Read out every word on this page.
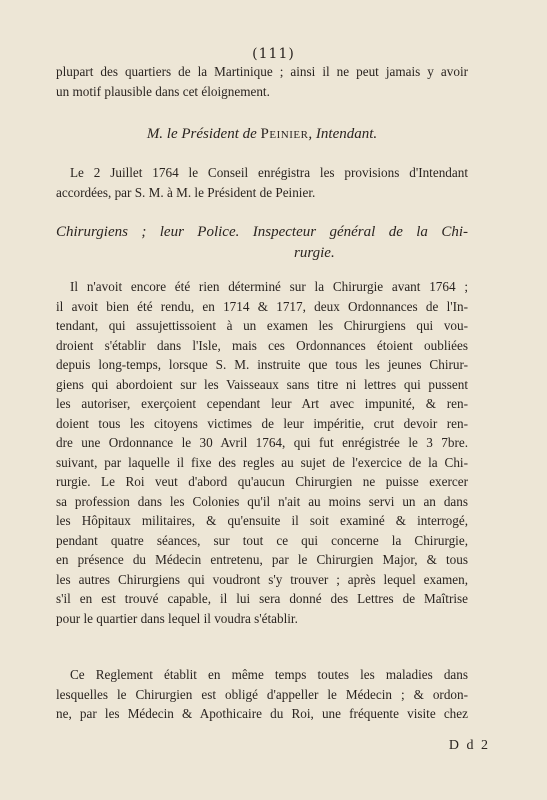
(111)
plupart des quartiers de la Martinique ; ainsi il ne peut jamais y avoir
un motif plausible dans cet éloignement.
M. le Président de Peinier, Intendant.
Le 2 Juillet 1764 le Conseil enrégistra les provisions d'Intendant
accordées, par S. M. à M. le Président de Peinier.
Chirurgiens ; leur Police. Inspecteur général de la Chi-
rurgie.
Il n'avoit encore été rien déterminé sur la Chirurgie avant 1764 ;
il avoit bien été rendu, en 1714 & 1717, deux Ordonnances de l'In-
tendant, qui assujettissoient à un examen les Chirurgiens qui vou-
droient s'établir dans l'Isle, mais ces Ordonnances étoient oubliées
depuis long-temps, lorsque S. M. instruite que tous les jeunes Chirur-
giens qui abordoient sur les Vaisseaux sans titre ni lettres qui pussent
les autoriser, exerçoient cependant leur Art avec impunité, & ren-
doient tous les citoyens victimes de leur impéritie, crut devoir ren-
dre une Ordonnance le 30 Avril 1764, qui fut enrégistrée le 3 7bre.
suivant, par laquelle il fixe des regles au sujet de l'exercice de la Chi-
rurgie. Le Roi veut d'abord qu'aucun Chirurgien ne puisse exercer
sa profession dans les Colonies qu'il n'ait au moins servi un an dans
les Hôpitaux militaires, & qu'ensuite il soit examiné & interrogé,
pendant quatre séances, sur tout ce qui concerne la Chirurgie,
en présence du Médecin entretenu, par le Chirurgien Major, & tous
les autres Chirurgiens qui voudront s'y trouver ; après lequel examen,
s'il en est trouvé capable, il lui sera donné des Lettres de Maîtrise
pour le quartier dans lequel il voudra s'établir.
Ce Reglement établit en même temps toutes les maladies dans
lesquelles le Chirurgien est obligé d'appeller le Médecin ; & ordon-
ne, par les Médecin & Apothicaire du Roi, une fréquente visite chez
D d 2
